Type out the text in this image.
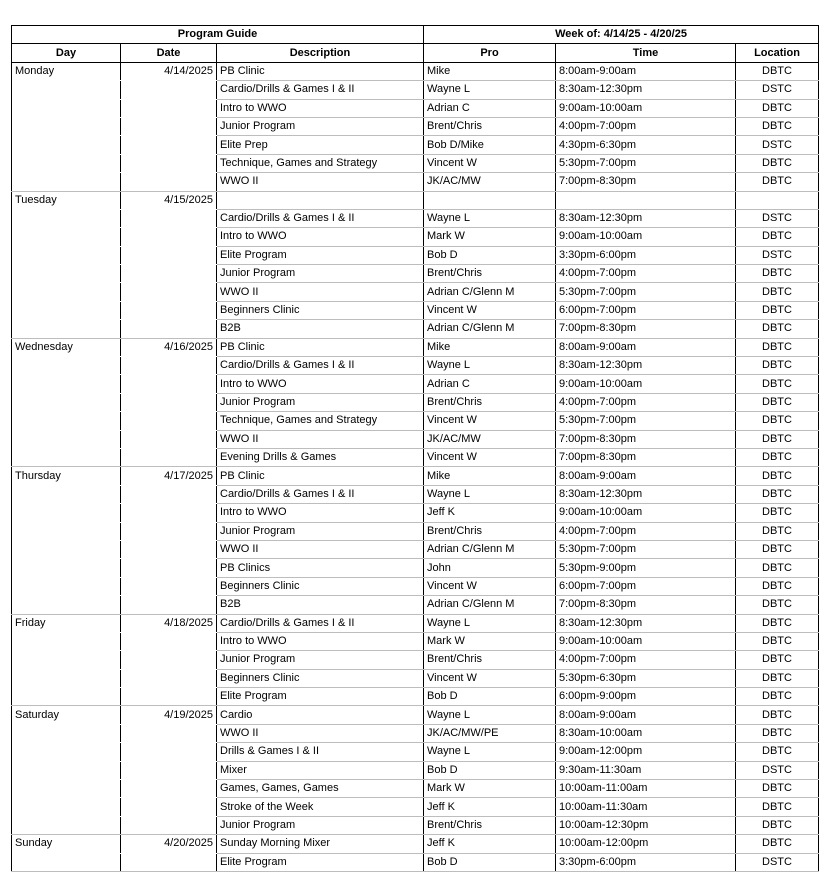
Program Guide			Week of: 4/14/25 - 4/20/25		
Day	Date	Description	Pro	Time	Location
Monday	4/14/2025	PB Clinic	Mike	8:00am-9:00am	DBTC
		Cardio/Drills & Games I & II	Wayne L	8:30am-12:30pm	DSTC
		Intro to WWO	Adrian C	9:00am-10:00am	DBTC
		Junior Program	Brent/Chris	4:00pm-7:00pm	DBTC
		Elite Prep	Bob D/Mike	4:30pm-6:30pm	DSTC
		Technique, Games and Strategy	Vincent W	5:30pm-7:00pm	DBTC
		WWO II	JK/AC/MW	7:00pm-8:30pm	DBTC
Tuesday	4/15/2025				
		Cardio/Drills & Games I & II	Wayne L	8:30am-12:30pm	DSTC
		Intro to WWO	Mark W	9:00am-10:00am	DBTC
		Elite Program	Bob D	3:30pm-6:00pm	DSTC
		Junior Program	Brent/Chris	4:00pm-7:00pm	DBTC
		WWO II	Adrian C/Glenn M	5:30pm-7:00pm	DBTC
		Beginners Clinic	Vincent W	6:00pm-7:00pm	DBTC
		B2B	Adrian C/Glenn M	7:00pm-8:30pm	DBTC
Wednesday	4/16/2025	PB Clinic	Mike	8:00am-9:00am	DBTC
		Cardio/Drills & Games I & II	Wayne L	8:30am-12:30pm	DBTC
		Intro to WWO	Adrian C	9:00am-10:00am	DBTC
		Junior Program	Brent/Chris	4:00pm-7:00pm	DBTC
		Technique, Games and Strategy	Vincent W	5:30pm-7:00pm	DBTC
		WWO II	JK/AC/MW	7:00pm-8:30pm	DBTC
		Evening Drills & Games	Vincent W	7:00pm-8:30pm	DBTC
Thursday	4/17/2025	PB Clinic	Mike	8:00am-9:00am	DBTC
		Cardio/Drills & Games I & II	Wayne L	8:30am-12:30pm	DBTC
		Intro to WWO	Jeff K	9:00am-10:00am	DBTC
		Junior Program	Brent/Chris	4:00pm-7:00pm	DBTC
		WWO II	Adrian C/Glenn M	5:30pm-7:00pm	DBTC
		PB Clinics	John	5:30pm-9:00pm	DBTC
		Beginners Clinic	Vincent W	6:00pm-7:00pm	DBTC
		B2B	Adrian C/Glenn M	7:00pm-8:30pm	DBTC
Friday	4/18/2025	Cardio/Drills & Games I & II	Wayne L	8:30am-12:30pm	DBTC
		Intro to WWO	Mark W	9:00am-10:00am	DBTC
		Junior Program	Brent/Chris	4:00pm-7:00pm	DBTC
		Beginners Clinic	Vincent W	5:30pm-6:30pm	DBTC
		Elite Program	Bob D	6:00pm-9:00pm	DBTC
Saturday	4/19/2025	Cardio	Wayne L	8:00am-9:00am	DBTC
		WWO II	JK/AC/MW/PE	8:30am-10:00am	DBTC
		Drills & Games I & II	Wayne L	9:00am-12:00pm	DBTC
		Mixer	Bob D	9:30am-11:30am	DSTC
		Games, Games, Games	Mark W	10:00am-11:00am	DBTC
		Stroke of the Week	Jeff K	10:00am-11:30am	DBTC
		Junior Program	Brent/Chris	10:00am-12:30pm	DBTC
Sunday	4/20/2025	Sunday Morning Mixer	Jeff K	10:00am-12:00pm	DBTC
		Elite Program	Bob D	3:30pm-6:00pm	DSTC
